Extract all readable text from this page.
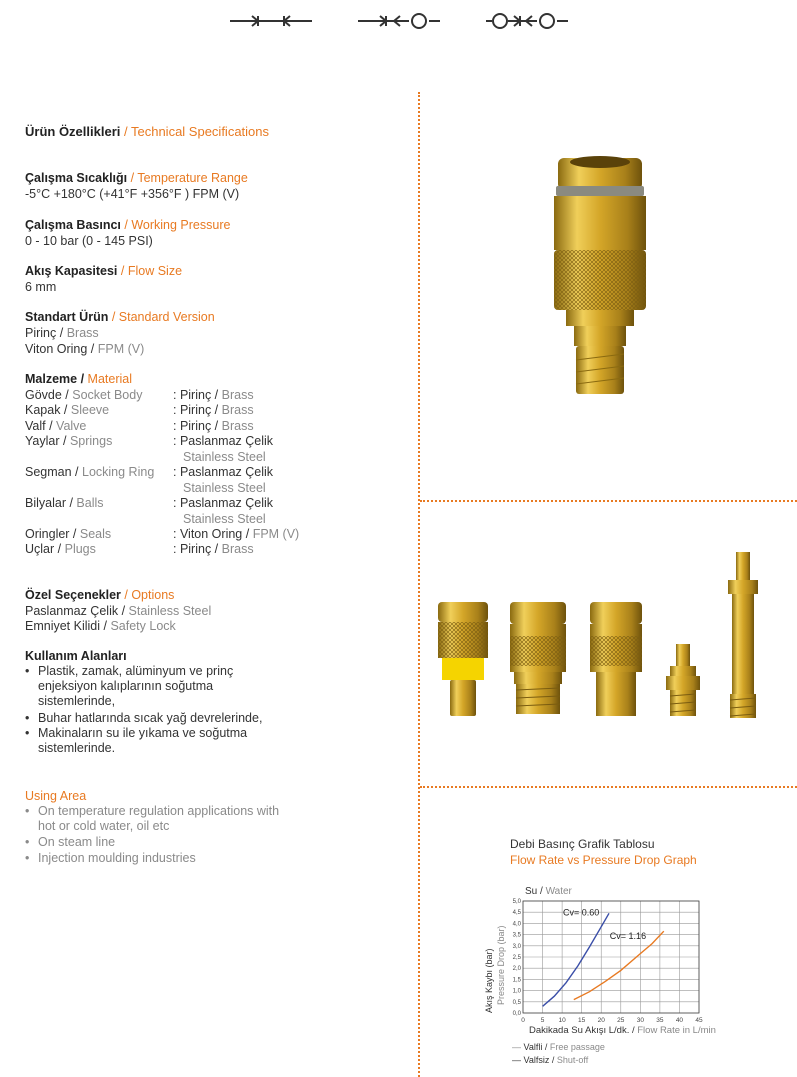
Ürün Özellikleri / Technical Specifications
Çalışma Sıcaklığı / Temperature Range
-5°C +180°C (+41°F +356°F ) FPM (V)
Çalışma Basıncı / Working Pressure
0 - 10 bar (0 - 145 PSI)
Akış Kapasitesi / Flow Size
6 mm
Standart Ürün / Standard Version
Pirinç / Brass
Viton Oring / FPM (V)
Malzeme / Material
Gövde / Socket Body : Pirinç / Brass
Kapak / Sleeve	: Pirinç / Brass
Valf / Valve	: Pirinç / Brass
Yaylar / Springs	: Paslanmaz Çelik
Stainless Steel
Segman / Locking Ring : Paslanmaz Çelik
Stainless Steel
Bilyalar / Balls	: Paslanmaz Çelik
Stainless Steel
Oringler / Seals	: Viton Oring / FPM (V)
Uçlar / Plugs	: Pirinç / Brass
Özel Seçenekler / Options
Paslanmaz Çelik / Stainless Steel
Emniyet Kilidi / Safety Lock
Kullanım Alanları
• Plastik, zamak, alüminyum ve prinç enjeksiyon kalıplarının soğutma sistemlerinde,
• Buhar hatlarında sıcak yağ devrelerinde,
• Makinaların su ile yıkama ve soğutma sistemlerinde.
Using Area
• On temperature regulation applications with hot or cold water, oil etc
• On steam line
• Injection moulding industries
Debi Basınç Grafik Tablosu
Flow Rate vs Pressure Drop Graph
Su / Water
0 5 10 15 20 25 30 35 40 45
0,0
0,5
1,0
1,5
2,0
2,5
3,0
3,5
4,0
4,5
5,0
Akış Kaybı (bar) Pressure Drop (bar)
Dakikada Su Akışı L/dk. / Flow Rate in L/min
Cv= 0.60
Cv= 1.16
— Valfli / Free passage
— Valfsiz / Shut-off
